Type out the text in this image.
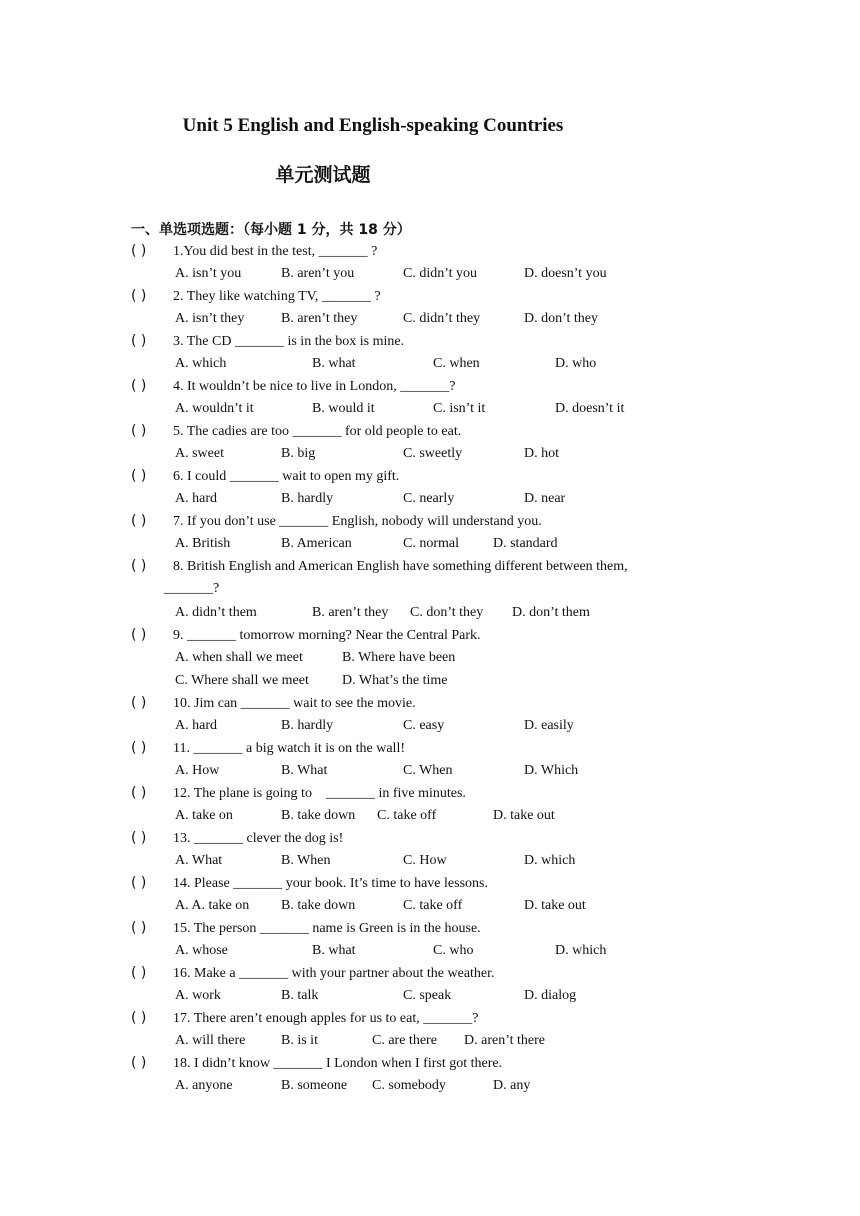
Unit 5 English and English-speaking Countries
单元测试题
一、单选项选题：（每小题 1 分，共 18 分）
( ) 1.You did best in the test, _______ ?
A. isn’t you	B. aren’t you	C. didn’t you	D. doesn’t you
( ) 2. They like watching TV, _______ ?
A. isn’t they	B. aren’t they	C. didn’t they	D. don’t they
( ) 3. The CD _______ is in the box is mine.
A. which	B. what	C. when	D. who
( ) 4. It wouldn’t be nice to live in London, _______?
A. wouldn’t it	B. would it	C. isn’t it	D. doesn’t it
( ) 5. The cadies are too _______ for old people to eat.
A. sweet	B. big	C. sweetly	D. hot
( ) 6. I could _______ wait to open my gift.
A. hard	B. hardly	C. nearly	D. near
( ) 7. If you don’t use _______ English, nobody will understand you.
A. British	B. American	C. normal D. standard
( ) 8. British English and American English have something different between them,
_______?
A. didn’t them	B. aren’t they C. don’t they D. don’t them
( ) 9. _______ tomorrow morning? Near the Central Park.
A. when shall we meet	B. Where have been
C. Where shall we meet D. What’s the time
( ) 10. Jim can _______ wait to see the movie.
A. hard	B. hardly	C. easy	D. easily
( ) 11. _______ a big watch it is on the wall!
A. How	B. What	C. When	D. Which
( ) 12. The plane is going to    _______ in five minutes.
A. take on	B. take down C. take off	D. take out
( ) 13. _______ clever the dog is!
A. What	B. When	C. How	D. which
( ) 14. Please _______ your book. It’s time to have lessons.
A. A. take on B. take down	C. take off	D. take out
( ) 15. The person _______ name is Green is in the house.
A. whose	B. what	C. who	D. which
( ) 16. Make a _______ with your partner about the weather.
A. work	B. talk	C. speak	D. dialog
( ) 17. There aren’t enough apples for us to eat, _______?
A. will there	B. is it	C. are there D. aren’t there
( ) 18. I didn’t know _______ I London when I first got there.
A. anyone	B. someone C. somebody	D. any
